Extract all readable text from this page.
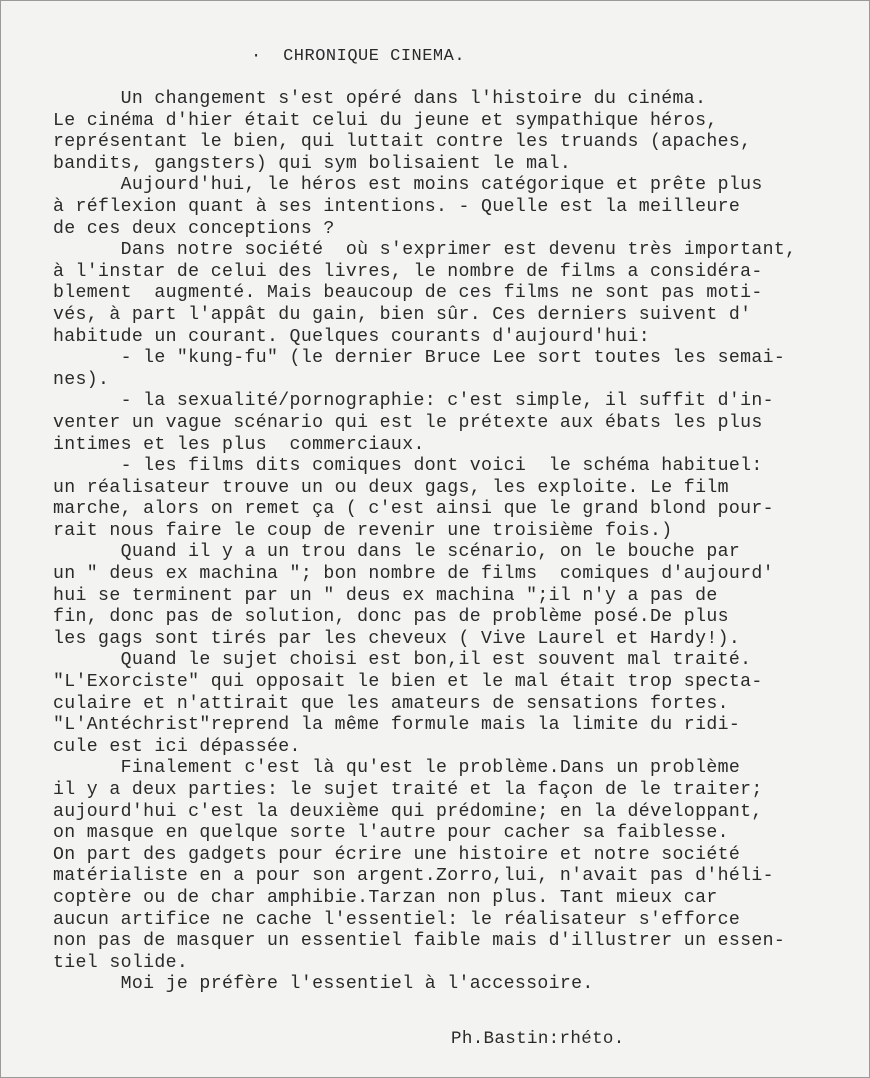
·  CHRONIQUE CINEMA.
Un changement s'est opéré dans l'histoire du cinéma.
Le cinéma d'hier était celui du jeune et sympathique héros,
représentant le bien, qui luttait contre les truands (apaches,
bandits, gangsters) qui sym bolisaient le mal.
Aujourd'hui, le héros est moins catégorique et prête plus
à réflexion quant à ses intentions. - Quelle est la meilleure
de ces deux conceptions ?
Dans notre société  où s'exprimer est devenu très important,
à l'instar de celui des livres, le nombre de films a considéra-
blement  augmenté. Mais beaucoup de ces films ne sont pas moti-
vés, à part l'appât du gain, bien sûr. Ces derniers suivent d'
habitude un courant. Quelques courants d'aujourd'hui:
- le "kung-fu" (le dernier Bruce Lee sort toutes les semai-
nes).
- la sexualité/pornographie: c'est simple, il suffit d'in-
venter un vague scénario qui est le prétexte aux ébats les plus
intimes et les plus  commerciaux.
- les films dits comiques dont voici  le schéma habituel:
un réalisateur trouve un ou deux gags, les exploite. Le film
marche, alors on remet ça ( c'est ainsi que le grand blond pour-
rait nous faire le coup de revenir une troisième fois.)
Quand il y a un trou dans le scénario, on le bouche par
un " deus ex machina "; bon nombre de films  comiques d'aujourd'
hui se terminent par un " deus ex machina ";il n'y a pas de
fin, donc pas de solution, donc pas de problème posé.De plus
les gags sont tirés par les cheveux ( Vive Laurel et Hardy!).
Quand le sujet choisi est bon,il est souvent mal traité.
"L'Exorciste" qui opposait le bien et le mal était trop specta-
culaire et n'attirait que les amateurs de sensations fortes.
"L'Antéchrist"reprend la même formule mais la limite du ridi-
cule est ici dépassée.
Finalement c'est là qu'est le problème.Dans un problème
il y a deux parties: le sujet traité et la façon de le traiter;
aujourd'hui c'est la deuxième qui prédomine; en la développant,
on masque en quelque sorte l'autre pour cacher sa faiblesse.
On part des gadgets pour écrire une histoire et notre société
matérialiste en a pour son argent.Zorro,lui, n'avait pas d'héli-
coptère ou de char amphibie.Tarzan non plus. Tant mieux car
aucun artifice ne cache l'essentiel: le réalisateur s'efforce
non pas de masquer un essentiel faible mais d'illustrer un essen-
tiel solide.
Moi je préfère l'essentiel à l'accessoire.
Ph.Bastin:rhéto.
